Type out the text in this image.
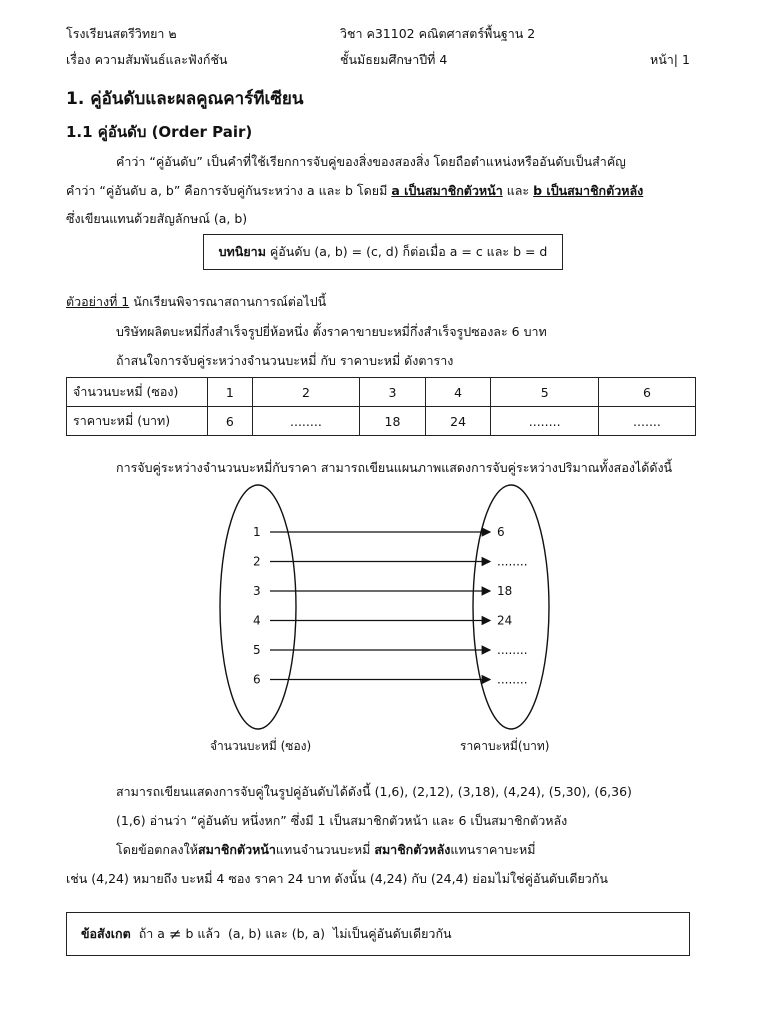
โรงเรียนสตรีวิทยา ๒	วิชา ค31102 คณิตศาสตร์พื้นฐาน 2
เรื่อง ความสัมพันธ์และฟังก์ชัน	ชั้นมัธยมศึกษาปีที่ 4	หน้า| 1
1. คู่อันดับและผลคูณคาร์ทีเซียน
1.1 คู่อันดับ (Order Pair)
คำว่า “คู่อันดับ” เป็นคำที่ใช้เรียกการจับคู่ของสิ่งของสองสิ่ง โดยถือตำแหน่งหรืออันดับเป็นสำคัญ
คำว่า “คู่อันดับ a, b” คือการจับคู่กันระหว่าง a และ b โดยมี a เป็นสมาชิกตัวหน้า และ b เป็นสมาชิกตัวหลัง
ซึ่งเขียนแทนด้วยสัญลักษณ์ (a, b)
บทนิยาม คู่อันดับ (a, b) = (c, d) ก็ต่อเมื่อ a = c และ b = d
ตัวอย่างที่ 1 นักเรียนพิจารณาสถานการณ์ต่อไปนี้
บริษัทผลิตบะหมี่กึ่งสำเร็จรูปยี่ห้อหนึ่ง ตั้งราคาขายบะหมี่กึ่งสำเร็จรูปซองละ 6 บาท
ถ้าสนใจการจับคู่ระหว่างจำนวนบะหมี่ กับ ราคาบะหมี่ ดังตาราง
จำนวนบะหมี่ (ซอง)	1	2	3	4	5	6
ราคาบะหมี่ (บาท)	6	........	18	24	........	.......
การจับคู่ระหว่างจำนวนบะหมี่กับราคา สามารถเขียนแผนภาพแสดงการจับคู่ระหว่างปริมาณทั้งสองได้ดังนี้
1	6
2	........
3	18
4	24
5	........
6	........
จำนวนบะหมี่ (ซอง)	ราคาบะหมี่(บาท)
สามารถเขียนแสดงการจับคู่ในรูปคู่อันดับได้ดังนี้ (1,6), (2,12), (3,18), (4,24), (5,30), (6,36)
(1,6) อ่านว่า “คู่อันดับ หนึ่งหก” ซึ่งมี 1 เป็นสมาชิกตัวหน้า และ 6 เป็นสมาชิกตัวหลัง
โดยข้อตกลงให้สมาชิกตัวหน้าแทนจำนวนบะหมี่ สมาชิกตัวหลังแทนราคาบะหมี่
เช่น (4,24) หมายถึง บะหมี่ 4 ซอง ราคา 24 บาท ดังนั้น (4,24) กับ (24,4) ย่อมไม่ใช่คู่อันดับเดียวกัน
ข้อสังเกต ถ้า a ≠ b แล้ว  (a, b) และ (b, a)  ไม่เป็นคู่อันดับเดียวกัน
